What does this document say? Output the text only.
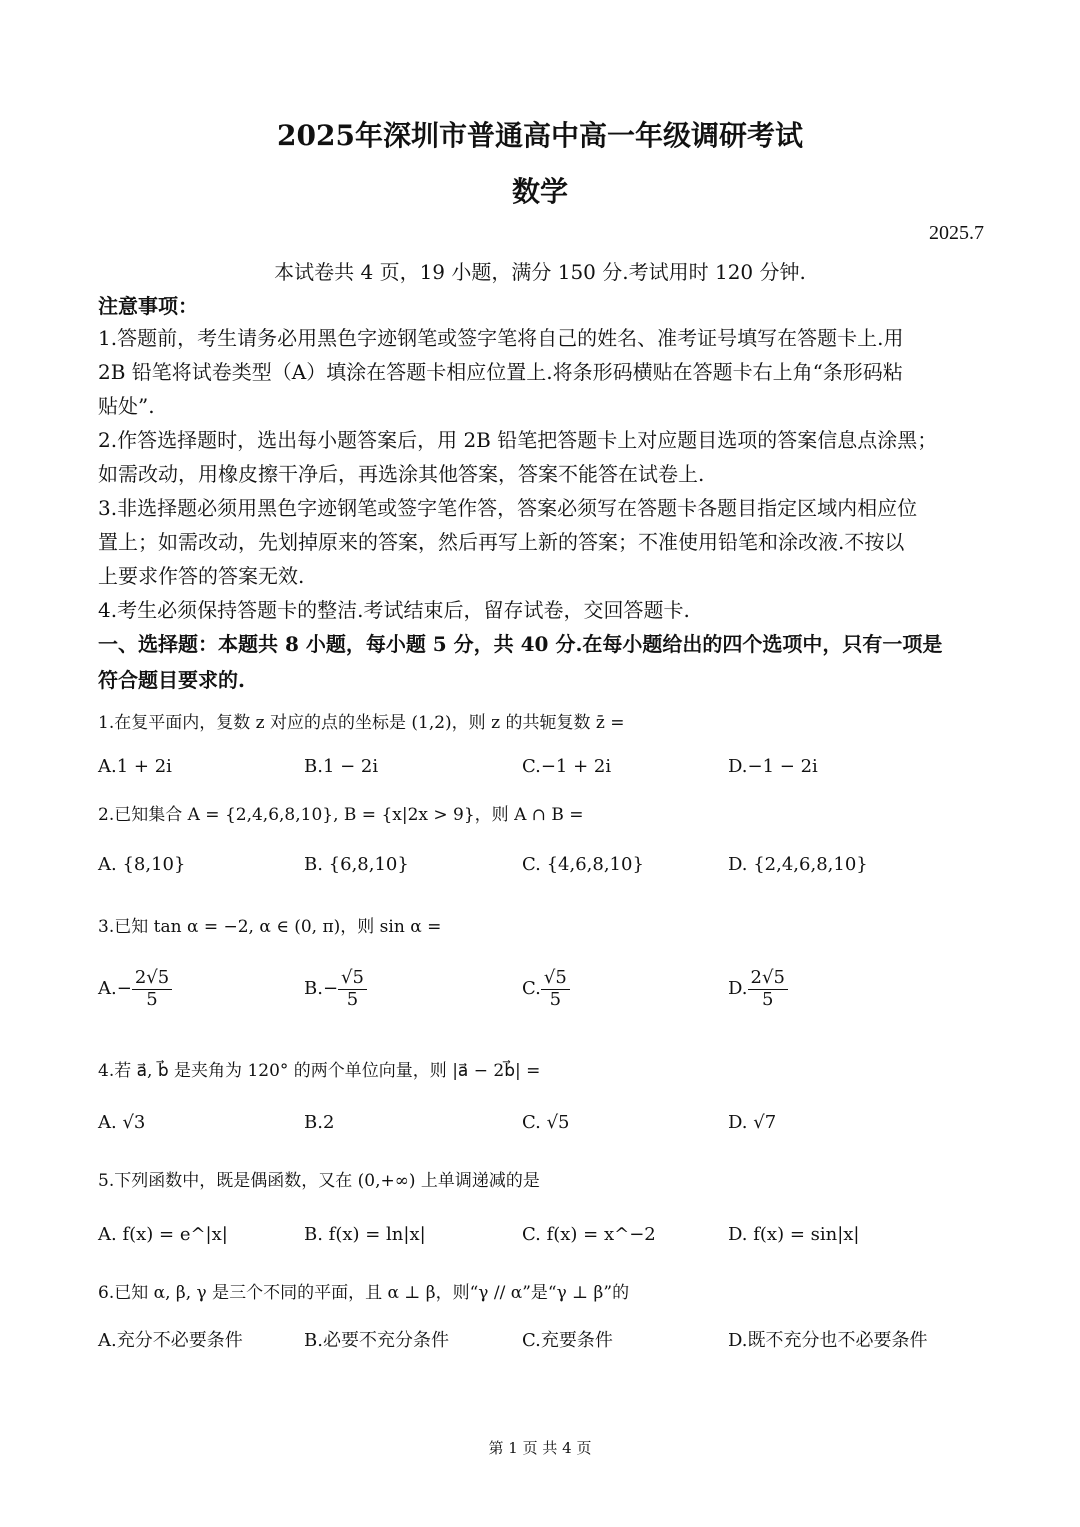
2025年深圳市普通高中高一年级调研考试
数学
2025.7
本试卷共 4 页，19 小题，满分 150 分.考试用时 120 分钟.
注意事项：
1.答题前，考生请务必用黑色字迹钢笔或签字笔将自己的姓名、准考证号填写在答题卡上.用
2B 铅笔将试卷类型（A）填涂在答题卡相应位置上.将条形码横贴在答题卡右上角“条形码粘
贴处”.
2.作答选择题时，选出每小题答案后，用 2B 铅笔把答题卡上对应题目选项的答案信息点涂黑；
如需改动，用橡皮擦干净后，再选涂其他答案，答案不能答在试卷上.
3.非选择题必须用黑色字迹钢笔或签字笔作答，答案必须写在答题卡各题目指定区域内相应位
置上；如需改动，先划掉原来的答案，然后再写上新的答案；不准使用铅笔和涂改液.不按以
上要求作答的答案无效.
4.考生必须保持答题卡的整洁.考试结束后，留存试卷，交回答题卡.
一、选择题：本题共 8 小题，每小题 5 分，共 40 分.在每小题给出的四个选项中，只有一项是
符合题目要求的.
1.在复平面内，复数 z 对应的点的坐标是 (1,2)，则 z 的共轭复数 z̄ =
A.1 + 2i	B.1 − 2i	C.−1 + 2i	D.−1 − 2i
2.已知集合 A = {2,4,6,8,10}, B = {x|2x > 9}，则 A ∩ B =
A. {8,10}	B. {6,8,10}	C. {4,6,8,10}	D. {2,4,6,8,10}
3.已知 tan α = −2, α ∈ (0, π)，则 sin α =
$A.- \frac{2√5}{5}$	$B.- \frac{√5}{5}$	C. $\frac{√5}{5}$	D. $\frac{2√5}{5}$
4.若 a⃗, b⃗ 是夹角为 120° 的两个单位向量，则 |a⃗ − 2b⃗| =
A. √3	B.2	C. √5	D. √7
5.下列函数中，既是偶函数，又在 (0,+∞) 上单调递减的是
A. f(x) = e^|x|	B. f(x) = ln|x|	C. f(x) = x^−2	D. f(x) = sin|x|
6.已知 α, β, γ 是三个不同的平面，且 α ⊥ β，则“γ // α”是“γ ⊥ β”的
A.充分不必要条件	B.必要不充分条件	C.充要条件	D.既不充分也不必要条件
第 1 页 共 4 页
